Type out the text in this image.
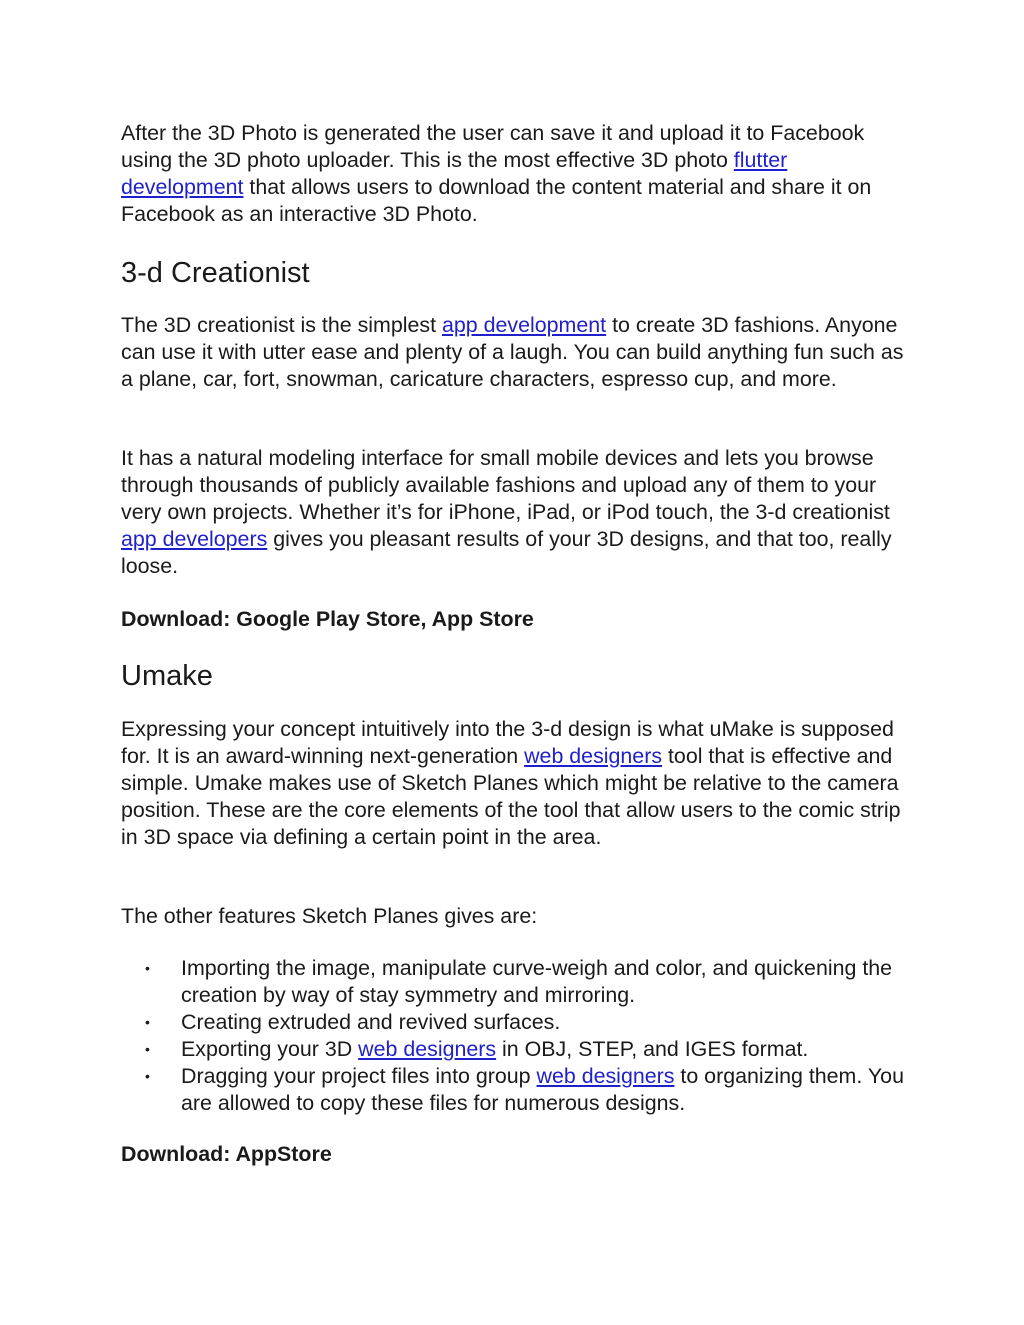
After the 3D Photo is generated the user can save it and upload it to Facebook using the 3D photo uploader. This is the most effective 3D photo flutter development that allows users to download the content material and share it on Facebook as an interactive 3D Photo.

3-d Creationist

The 3D creationist is the simplest app development to create 3D fashions. Anyone can use it with utter ease and plenty of a laugh. You can build anything fun such as a plane, car, fort, snowman, caricature characters, espresso cup, and more.

It has a natural modeling interface for small mobile devices and lets you browse through thousands of publicly available fashions and upload any of them to your very own projects. Whether it’s for iPhone, iPad, or iPod touch, the 3-d creationist app developers gives you pleasant results of your 3D designs, and that too, really loose.

Download: Google Play Store, App Store

Umake

Expressing your concept intuitively into the 3-d design is what uMake is supposed for. It is an award-winning next-generation web designers tool that is effective and simple. Umake makes use of Sketch Planes which might be relative to the camera position. These are the core elements of the tool that allow users to the comic strip in 3D space via defining a certain point in the area.

The other features Sketch Planes gives are:

• Importing the image, manipulate curve-weigh and color, and quickening the creation by way of stay symmetry and mirroring.
• Creating extruded and revived surfaces.
• Exporting your 3D web designers in OBJ, STEP, and IGES format.
• Dragging your project files into group web designers to organizing them. You are allowed to copy these files for numerous designs.

Download: AppStore
